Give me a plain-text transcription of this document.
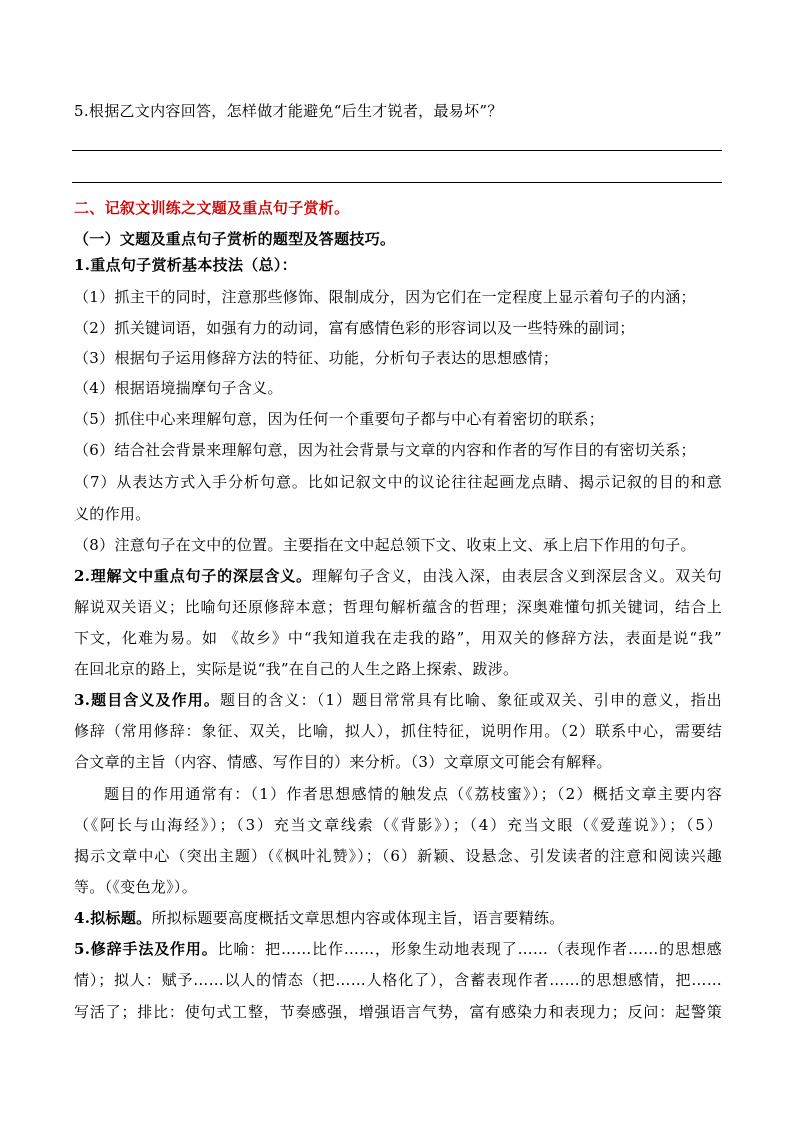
5.根据乙文内容回答，怎样做才能避免“后生才锐者，最易坏”？
二、记叙文训练之文题及重点句子赏析。
（一）文题及重点句子赏析的题型及答题技巧。
1.重点句子赏析基本技法（总）：
（1）抓主干的同时，注意那些修饰、限制成分，因为它们在一定程度上显示着句子的内涵；
（2）抓关键词语，如强有力的动词，富有感情色彩的形容词以及一些特殊的副词；
（3）根据句子运用修辞方法的特征、功能，分析句子表达的思想感情；
（4）根据语境揣摩句子含义。
（5）抓住中心来理解句意，因为任何一个重要句子都与中心有着密切的联系；
（6）结合社会背景来理解句意，因为社会背景与文章的内容和作者的写作目的有密切关系；
（7）从表达方式入手分析句意。比如记叙文中的议论往往起画龙点睛、揭示记叙的目的和意
义的作用。
（8）注意句子在文中的位置。主要指在文中起总领下文、收束上文、承上启下作用的句子。
2.理解文中重点句子的深层含义。理解句子含义，由浅入深，由表层含义到深层含义。双关句
解说双关语义；比喻句还原修辞本意；哲理句解析蕴含的哲理；深奥难懂句抓关键词，结合上
下文，化难为易。如 《故乡》中“我知道我在走我的路”，用双关的修辞方法，表面是说“我”
在回北京的路上，实际是说“我”在自己的人生之路上探索、跋涉。
3.题目含义及作用。题目的含义：（1）题目常常具有比喻、象征或双关、引申的意义，指出
修辞（常用修辞：象征、双关，比喻，拟人），抓住特征，说明作用。（2）联系中心，需要结
合文章的主旨（内容、情感、写作目的）来分析。（3）文章原文可能会有解释。
题目的作用通常有：（1）作者思想感情的触发点（《荔枝蜜》）；（2）概括文章主要内容
（《阿长与山海经》）；（3）充当文章线索（《背影》）；（4）充当文眼（《爱莲说》）；（5）
揭示文章中心（突出主题）（《枫叶礼赞》）；（6）新颖、设悬念、引发读者的注意和阅读兴趣
等。（《变色龙》）。
4.拟标题。所拟标题要高度概括文章思想内容或体现主旨，语言要精练。
5.修辞手法及作用。比喻：把……比作……，形象生动地表现了……（表现作者……的思想感
情）；拟人：赋予……以人的情态（把……人格化了），含蓄表现作者……的思想感情，把……
写活了；排比：使句式工整，节奏感强，增强语言气势，富有感染力和表现力；反问：起警策
